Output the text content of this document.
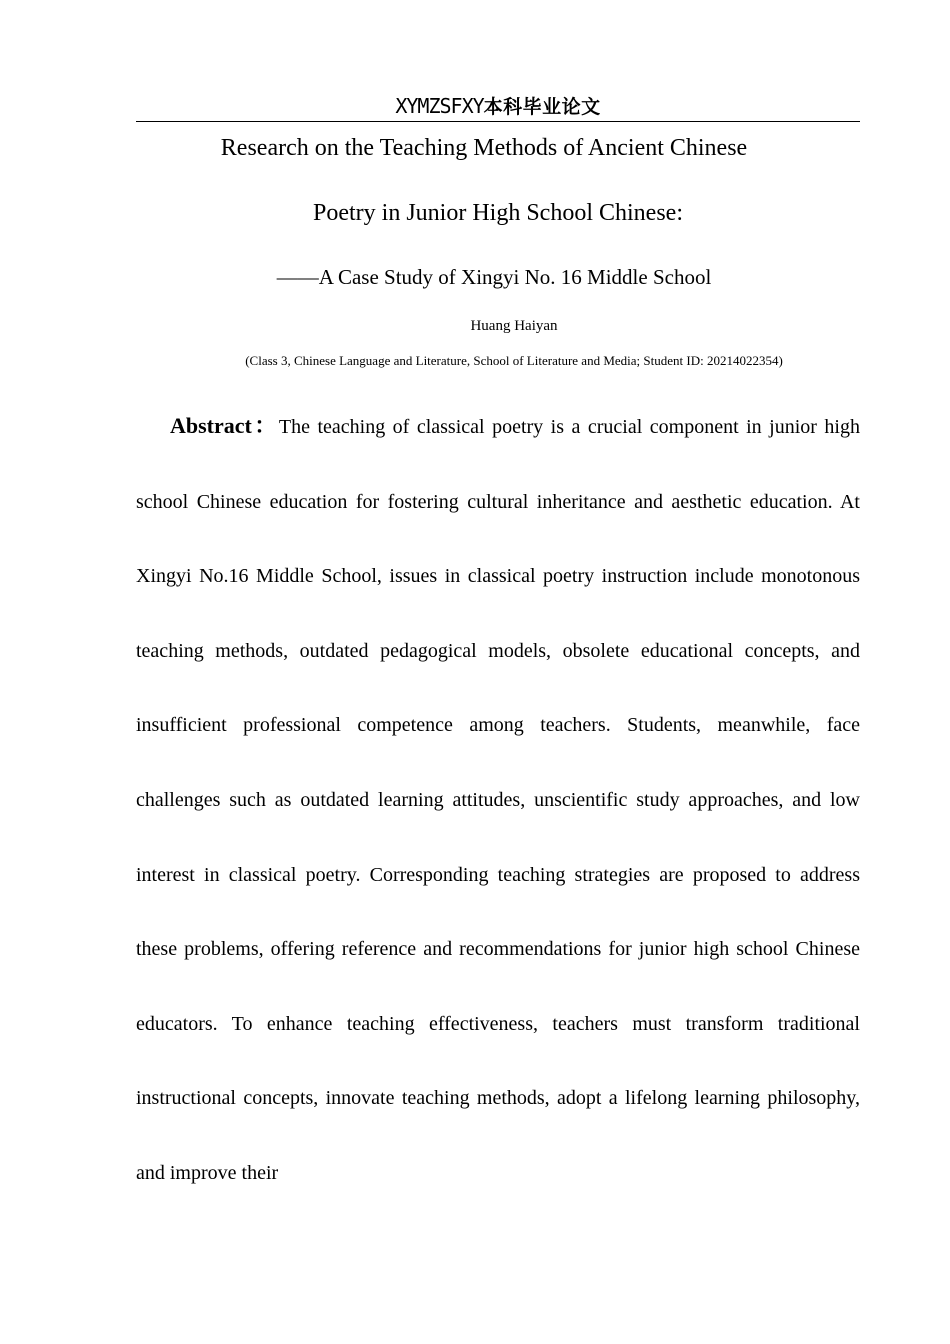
XYMZSFXY本科毕业论文
Research on the Teaching Methods of Ancient Chinese
Poetry in Junior High School Chinese:
——A Case Study of Xingyi No. 16 Middle School
Huang Haiyan
(Class 3, Chinese Language and Literature, School of Literature and Media; Student ID: 20214022354)

Abstract：The teaching of classical poetry is a crucial component in junior high school Chinese education for fostering cultural inheritance and aesthetic education. At Xingyi No.16 Middle School, issues in classical poetry instruction include monotonous teaching methods, outdated pedagogical models, obsolete educational concepts, and insufficient professional competence among teachers. Students, meanwhile, face challenges such as outdated learning attitudes, unscientific study approaches, and low interest in classical poetry. Corresponding teaching strategies are proposed to address these problems, offering reference and recommendations for junior high school Chinese educators. To enhance teaching effectiveness, teachers must transform traditional instructional concepts, innovate teaching methods, adopt a lifelong learning philosophy, and improve their
